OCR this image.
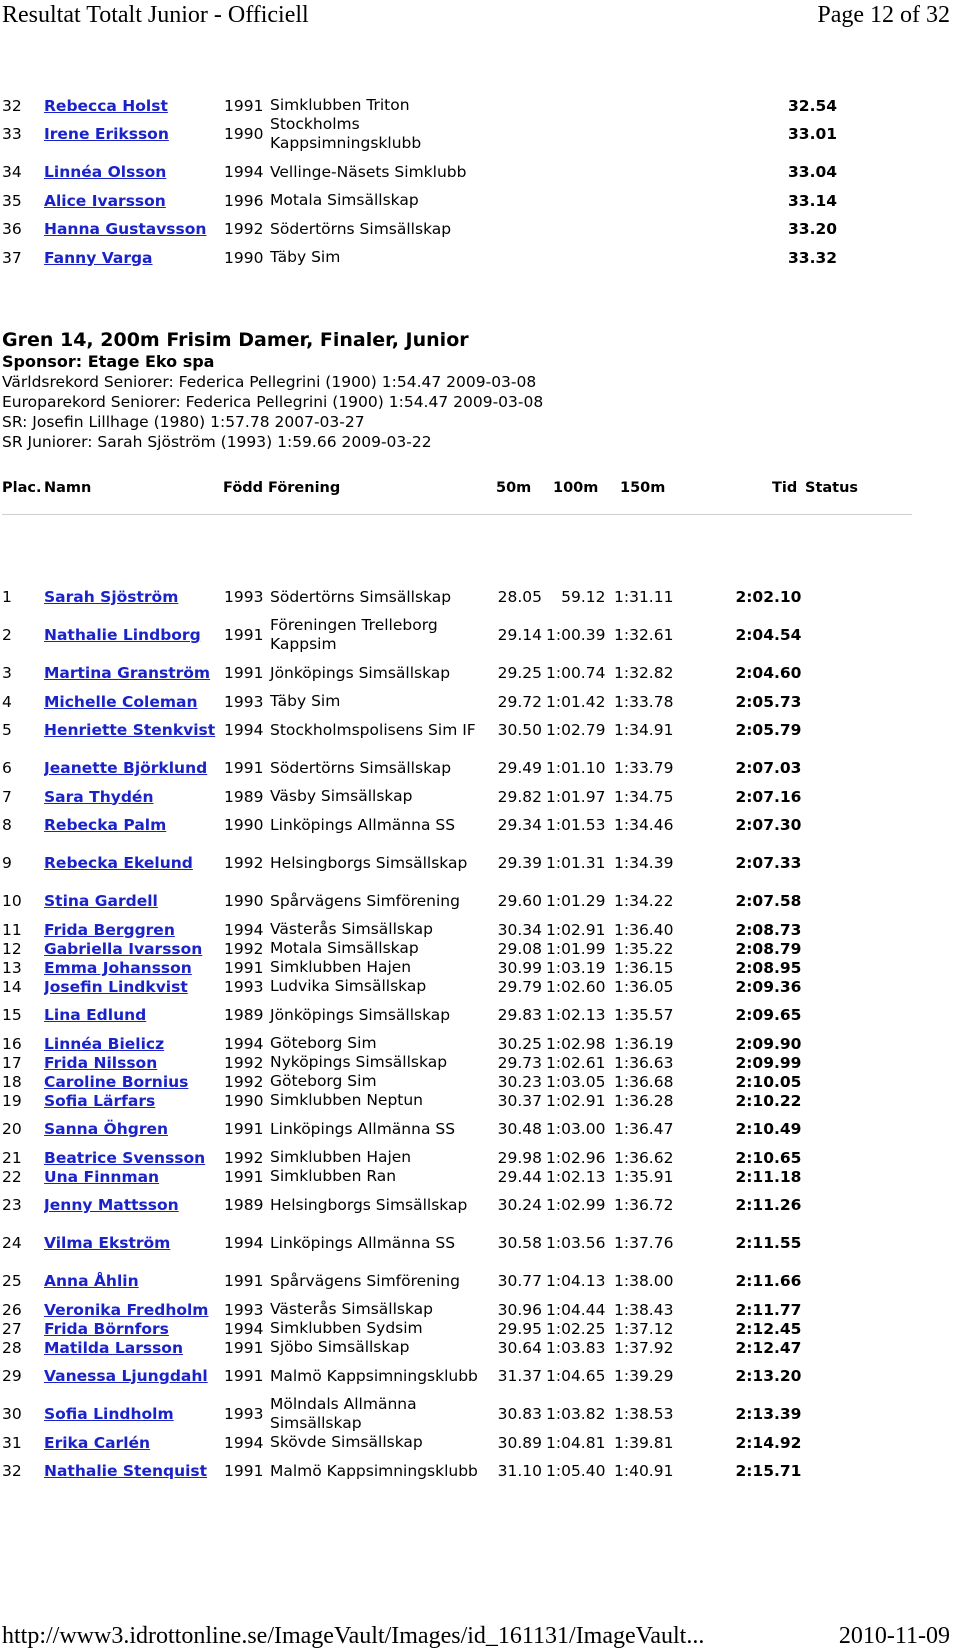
Resultat Totalt Junior - Officiell	Page 12 of 32
32	Rebecca Holst	1991	Simklubben Triton		32.54
33	Irene Eriksson	1990	Stockholms Kappsimningsklubb		33.01
34	Linnéa Olsson	1994	Vellinge-Näsets Simklubb		33.04
35	Alice Ivarsson	1996	Motala Simsällskap		33.14
36	Hanna Gustavsson	1992	Södertörns Simsällskap		33.20
37	Fanny Varga	1990	Täby Sim		33.32
Gren 14, 200m Frisim Damer, Finaler, Junior
Sponsor: Etage Eko spa
Världsrekord Seniorer: Federica Pellegrini (1900) 1:54.47 2009-03-08
Europarekord Seniorer: Federica Pellegrini (1900) 1:54.47 2009-03-08
SR: Josefin Lillhage (1980) 1:57.78 2007-03-27
SR Juniorer: Sarah Sjöström (1993) 1:59.66 2009-03-22
Plac. Namn	Född Förening	50m 100m 150m	Tid Status
1	Sarah Sjöström	1993	Södertörns Simsällskap	28.05	59.12	1:31.11	2:02.10
2	Nathalie Lindborg	1991	Föreningen Trelleborg Kappsim	29.14	1:00.39	1:32.61	2:04.54
3	Martina Granström	1991	Jönköpings Simsällskap	29.25	1:00.74	1:32.82	2:04.60
4	Michelle Coleman	1993	Täby Sim	29.72	1:01.42	1:33.78	2:05.73
5	Henriette Stenkvist	1994	Stockholmspolisens Sim IF	30.50	1:02.79	1:34.91	2:05.79
6	Jeanette Björklund	1991	Södertörns Simsällskap	29.49	1:01.10	1:33.79	2:07.03
7	Sara Thydén	1989	Väsby Simsällskap	29.82	1:01.97	1:34.75	2:07.16
8	Rebecka Palm	1990	Linköpings Allmänna SS	29.34	1:01.53	1:34.46	2:07.30
9	Rebecka Ekelund	1992	Helsingborgs Simsällskap	29.39	1:01.31	1:34.39	2:07.33
10	Stina Gardell	1990	Spårvägens Simförening	29.60	1:01.29	1:34.22	2:07.58
11	Frida Berggren	1994	Västerås Simsällskap	30.34	1:02.91	1:36.40	2:08.73
12	Gabriella Ivarsson	1992	Motala Simsällskap	29.08	1:01.99	1:35.22	2:08.79
13	Emma Johansson	1991	Simklubben Hajen	30.99	1:03.19	1:36.15	2:08.95
14	Josefin Lindkvist	1993	Ludvika Simsällskap	29.79	1:02.60	1:36.05	2:09.36
15	Lina Edlund	1989	Jönköpings Simsällskap	29.83	1:02.13	1:35.57	2:09.65
16	Linnéa Bielicz	1994	Göteborg Sim	30.25	1:02.98	1:36.19	2:09.90
17	Frida Nilsson	1992	Nyköpings Simsällskap	29.73	1:02.61	1:36.63	2:09.99
18	Caroline Bornius	1992	Göteborg Sim	30.23	1:03.05	1:36.68	2:10.05
19	Sofia Lärfars	1990	Simklubben Neptun	30.37	1:02.91	1:36.28	2:10.22
20	Sanna Öhgren	1991	Linköpings Allmänna SS	30.48	1:03.00	1:36.47	2:10.49
21	Beatrice Svensson	1992	Simklubben Hajen	29.98	1:02.96	1:36.62	2:10.65
22	Una Finnman	1991	Simklubben Ran	29.44	1:02.13	1:35.91	2:11.18
23	Jenny Mattsson	1989	Helsingborgs Simsällskap	30.24	1:02.99	1:36.72	2:11.26
24	Vilma Ekström	1994	Linköpings Allmänna SS	30.58	1:03.56	1:37.76	2:11.55
25	Anna Åhlin	1991	Spårvägens Simförening	30.77	1:04.13	1:38.00	2:11.66
26	Veronika Fredholm	1993	Västerås Simsällskap	30.96	1:04.44	1:38.43	2:11.77
27	Frida Börnfors	1994	Simklubben Sydsim	29.95	1:02.25	1:37.12	2:12.45
28	Matilda Larsson	1991	Sjöbo Simsällskap	30.64	1:03.83	1:37.92	2:12.47
29	Vanessa Ljungdahl	1991	Malmö Kappsimningsklubb	31.37	1:04.65	1:39.29	2:13.20
30	Sofia Lindholm	1993	Mölndals Allmänna Simsällskap	30.83	1:03.82	1:38.53	2:13.39
31	Erika Carlén	1994	Skövde Simsällskap	30.89	1:04.81	1:39.81	2:14.92
32	Nathalie Stenquist	1991	Malmö Kappsimningsklubb	31.10	1:05.40	1:40.91	2:15.71
http://www3.idrottonline.se/ImageVault/Images/id_161131/ImageVault...	2010-11-09
